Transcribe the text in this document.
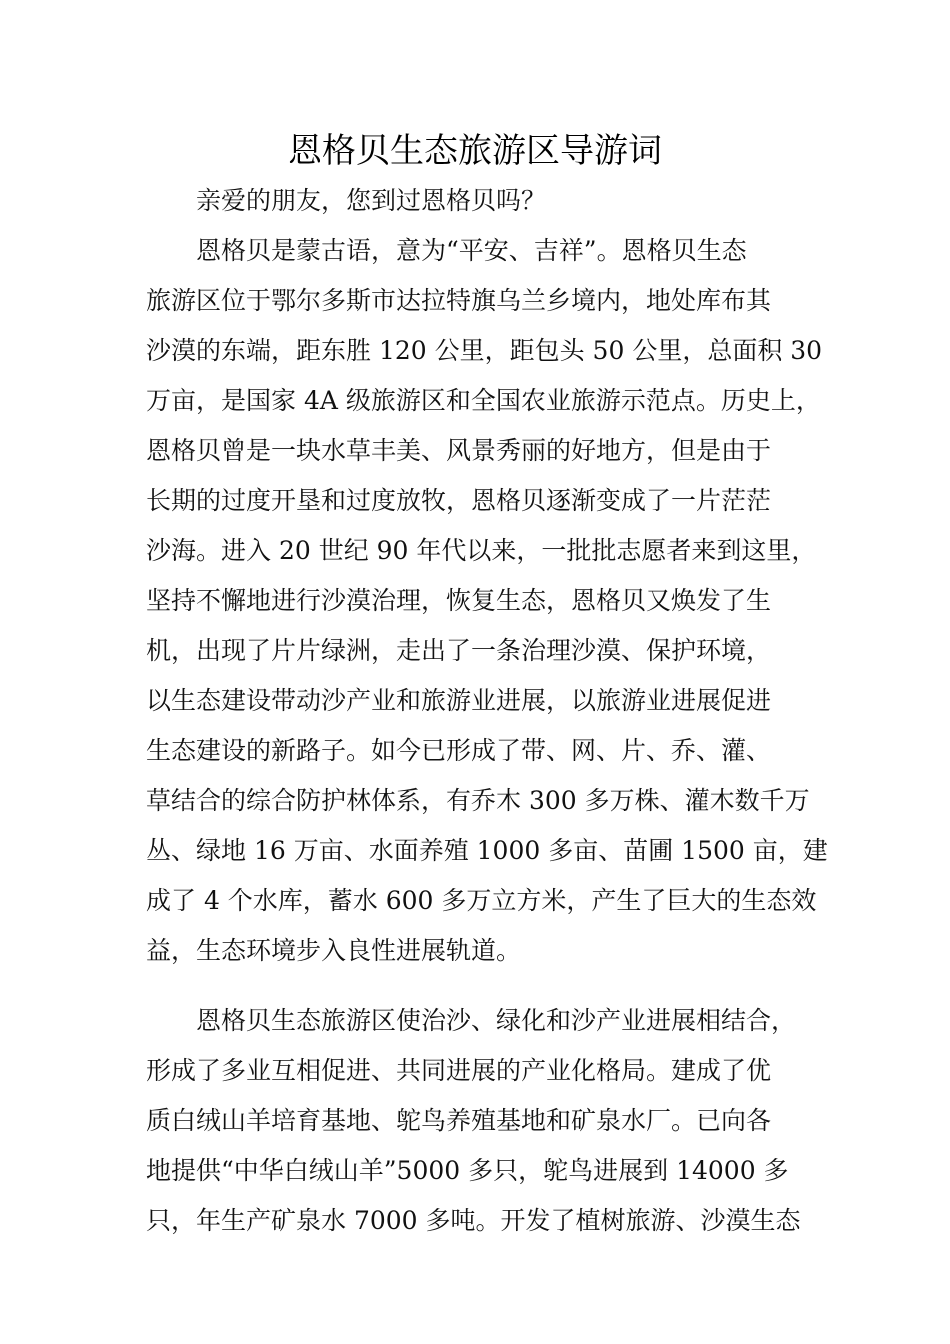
恩格贝生态旅游区导游词
亲爱的朋友，您到过恩格贝吗？
恩格贝是蒙古语，意为“平安、吉祥”。恩格贝生态
旅游区位于鄂尔多斯市达拉特旗乌兰乡境内，地处库布其
沙漠的东端，距东胜 120 公里，距包头 50 公里，总面积 30
万亩，是国家 4A 级旅游区和全国农业旅游示范点。历史上，
恩格贝曾是一块水草丰美、风景秀丽的好地方，但是由于
长期的过度开垦和过度放牧，恩格贝逐渐变成了一片茫茫
沙海。进入 20 世纪 90 年代以来，一批批志愿者来到这里，
坚持不懈地进行沙漠治理，恢复生态，恩格贝又焕发了生
机，出现了片片绿洲，走出了一条治理沙漠、保护环境，
以生态建设带动沙产业和旅游业进展，以旅游业进展促进
生态建设的新路子。如今已形成了带、网、片、乔、灌、
草结合的综合防护林体系，有乔木 300 多万株、灌木数千万
丛、绿地 16 万亩、水面养殖 1000 多亩、苗圃 1500 亩，建
成了 4 个水库，蓄水 600 多万立方米，产生了巨大的生态效
益，生态环境步入良性进展轨道。
恩格贝生态旅游区使治沙、绿化和沙产业进展相结合，
形成了多业互相促进、共同进展的产业化格局。建成了优
质白绒山羊培育基地、鸵鸟养殖基地和矿泉水厂。已向各
地提供“中华白绒山羊”5000 多只，鸵鸟进展到 14000 多
只，年生产矿泉水 7000 多吨。开发了植树旅游、沙漠生态
